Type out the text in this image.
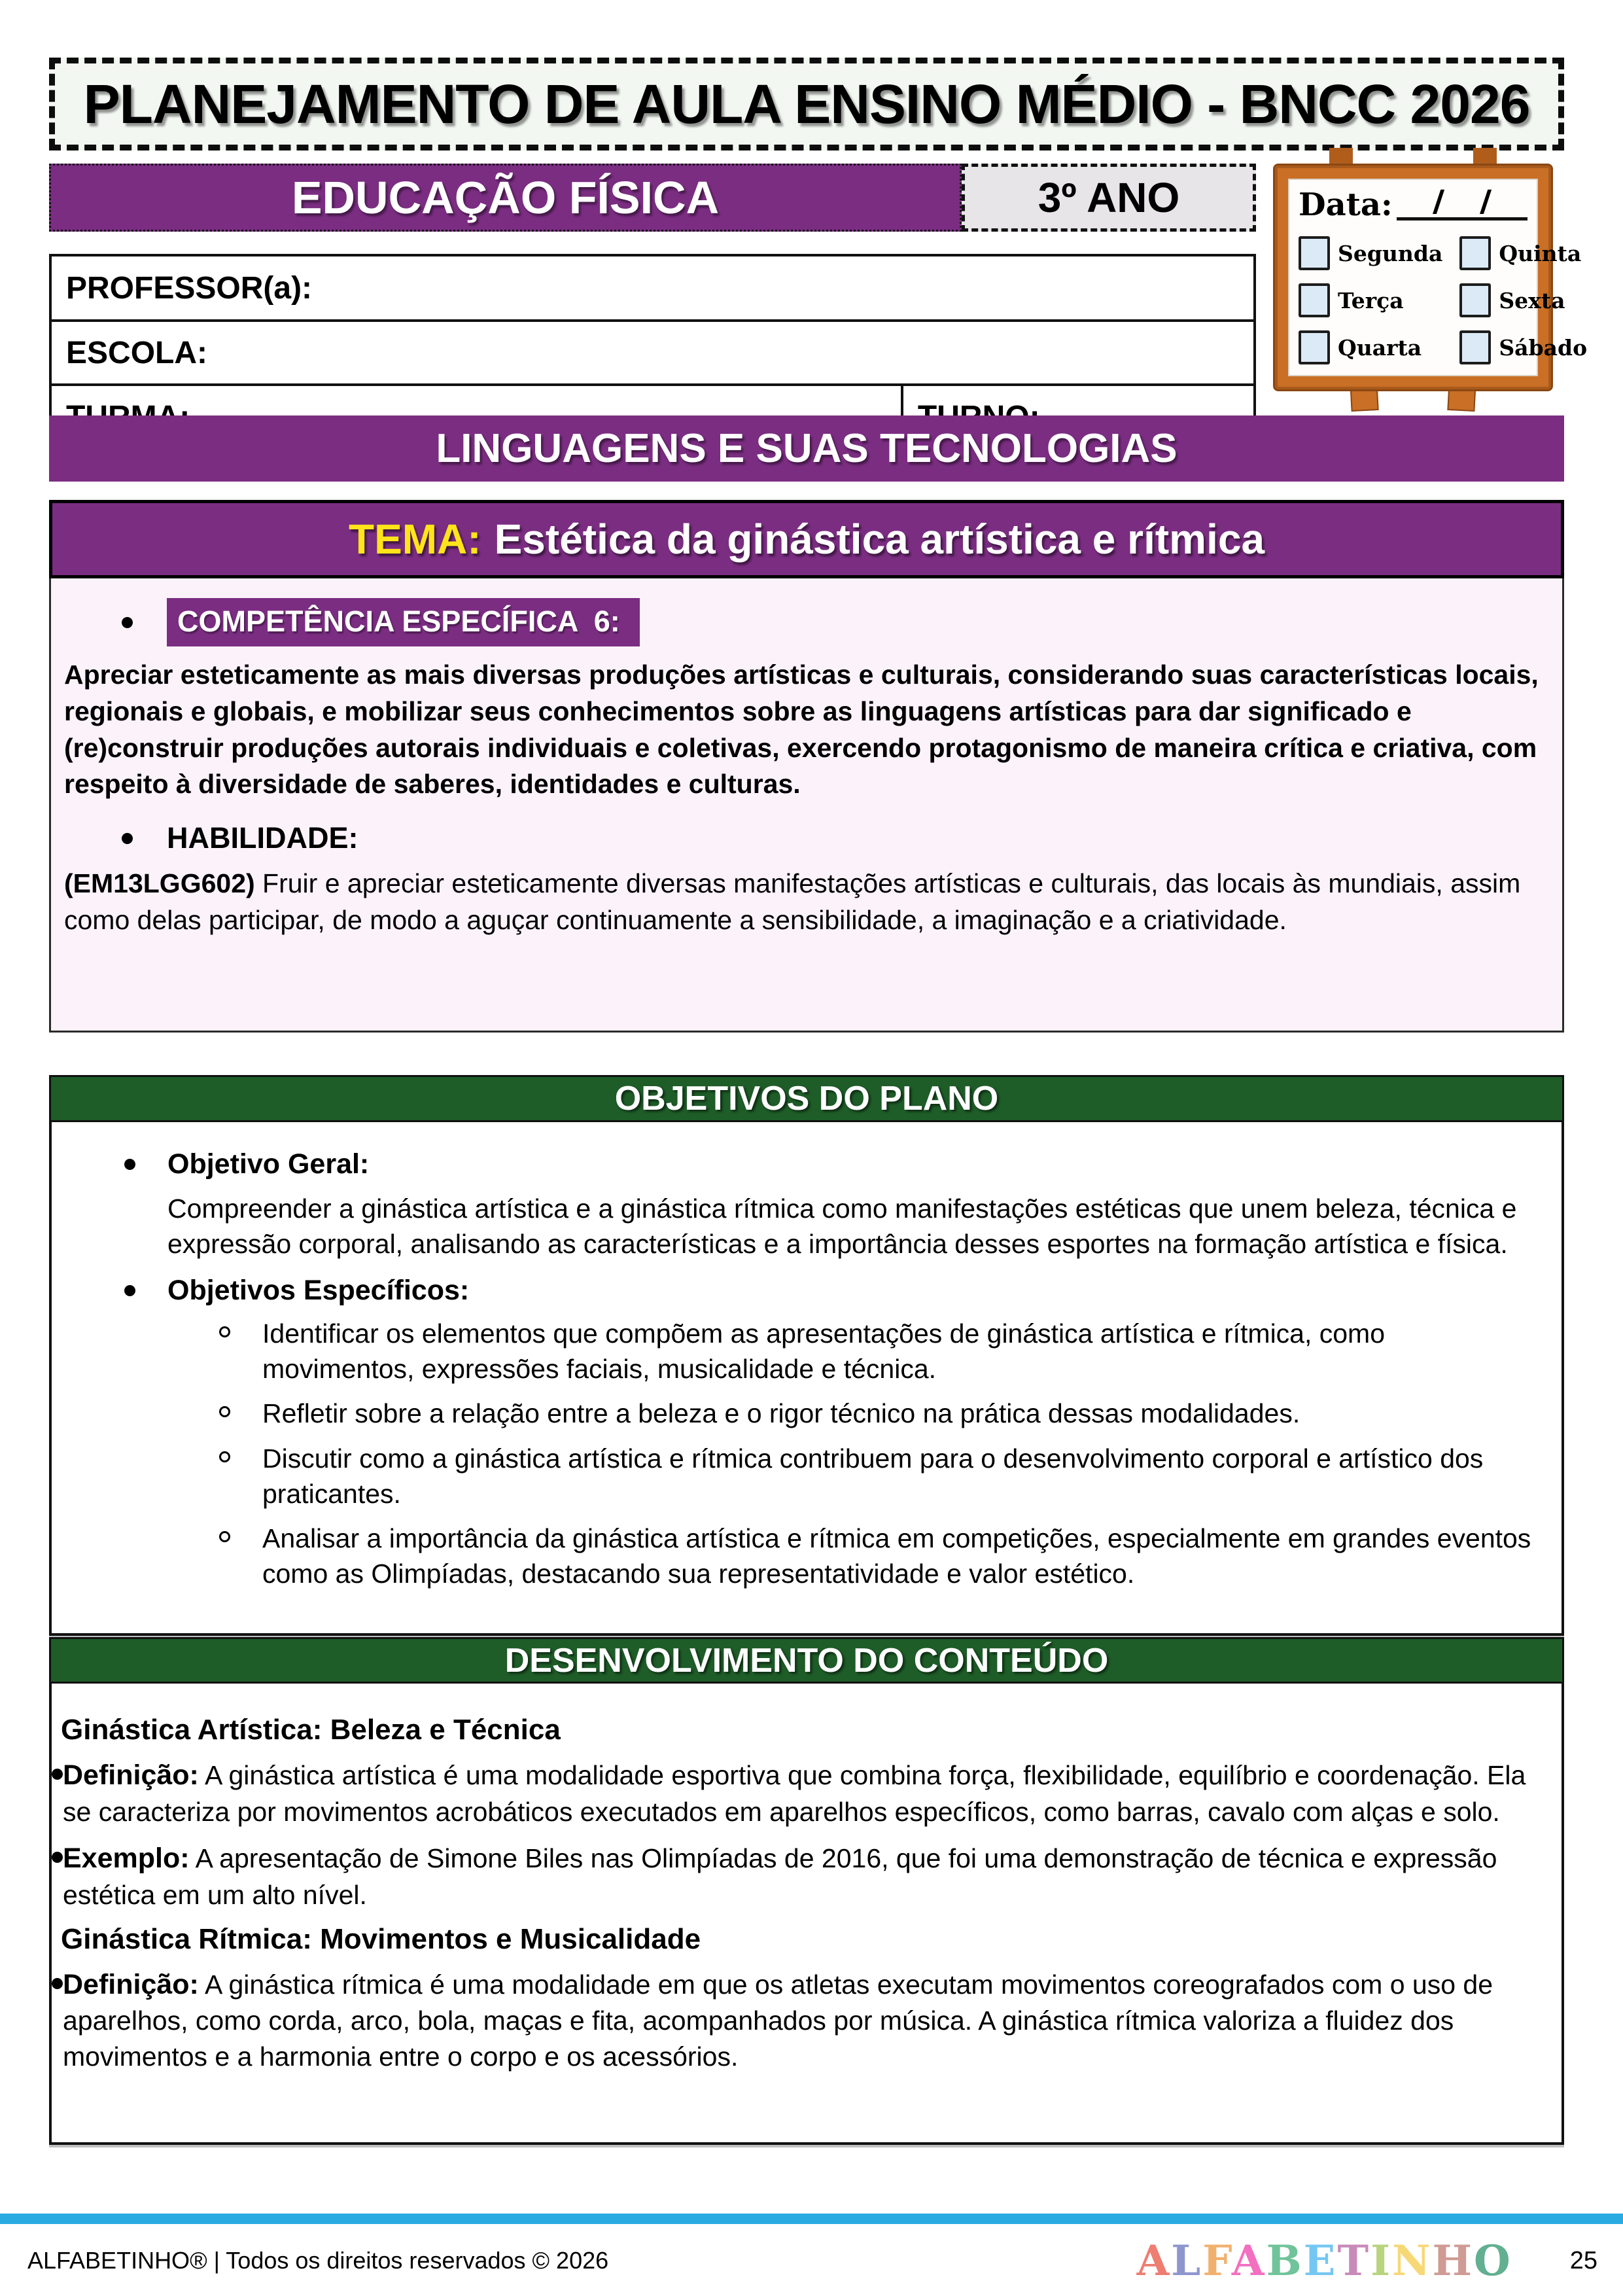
PLANEJAMENTO DE AULA ENSINO MÉDIO - BNCC 2026
EDUCAÇÃO FÍSICA	3º ANO	Data: / /
Segunda
Terça
Quarta
Quinta
Sexta
Sábado
PROFESSOR(a):
ESCOLA:

LINGUAGENS E SUAS TECNOLOGIAS
TEMA: Estética da ginástica artística e rítmica
COMPETÊNCIA ESPECÍFICA  6:

Apreciar esteticamente as mais diversas produções artísticas e culturais, considerando suas características locais, regionais e globais, e mobilizar seus conhecimentos sobre as linguagens artísticas para dar significado e (re)construir produções autorais individuais e coletivas, exercendo protagonismo de maneira crítica e criativa, com respeito à diversidade de saberes, identidades e culturas.

HABILIDADE:

(EM13LGG602) Fruir e apreciar esteticamente diversas manifestações artísticas e culturais, das locais às mundiais, assim como delas participar, de modo a aguçar continuamente a sensibilidade, a imaginação e a criatividade.

OBJETIVOS DO PLANO
Objetivo Geral:

Compreender a ginástica artística e a ginástica rítmica como manifestações estéticas que unem beleza, técnica e expressão corporal, analisando as características e a importância desses esportes na formação artística e física.

Objetivos Específicos:

Identificar os elementos que compõem as apresentações de ginástica artística e rítmica, como movimentos, expressões faciais, musicalidade e técnica.

Refletir sobre a relação entre a beleza e o rigor técnico na prática dessas modalidades.

Discutir como a ginástica artística e rítmica contribuem para o desenvolvimento corporal e artístico dos praticantes.

Analisar a importância da ginástica artística e rítmica em competições, especialmente em grandes eventos como as Olimpíadas, destacando sua representatividade e valor estético.

DESENVOLVIMENTO DO CONTEÚDO
Ginástica Artística: Beleza e Técnica

Definição: A ginástica artística é uma modalidade esportiva que combina força, flexibilidade, equilíbrio e coordenação. Ela se caracteriza por movimentos acrobáticos executados em aparelhos específicos, como barras, cavalo com alças e solo.

Exemplo: A apresentação de Simone Biles nas Olimpíadas de 2016, que foi uma demonstração de técnica e expressão estética em um alto nível.

Ginástica Rítmica: Movimentos e Musicalidade

Definição: A ginástica rítmica é uma modalidade em que os atletas executam movimentos coreografados com o uso de aparelhos, como corda, arco, bola, maças e fita, acompanhados por música. A ginástica rítmica valoriza a fluidez dos movimentos e a harmonia entre o corpo e os acessórios.

ALFABETINHO® | Todos os direitos reservados © 2026	ALFABETINHO 25
